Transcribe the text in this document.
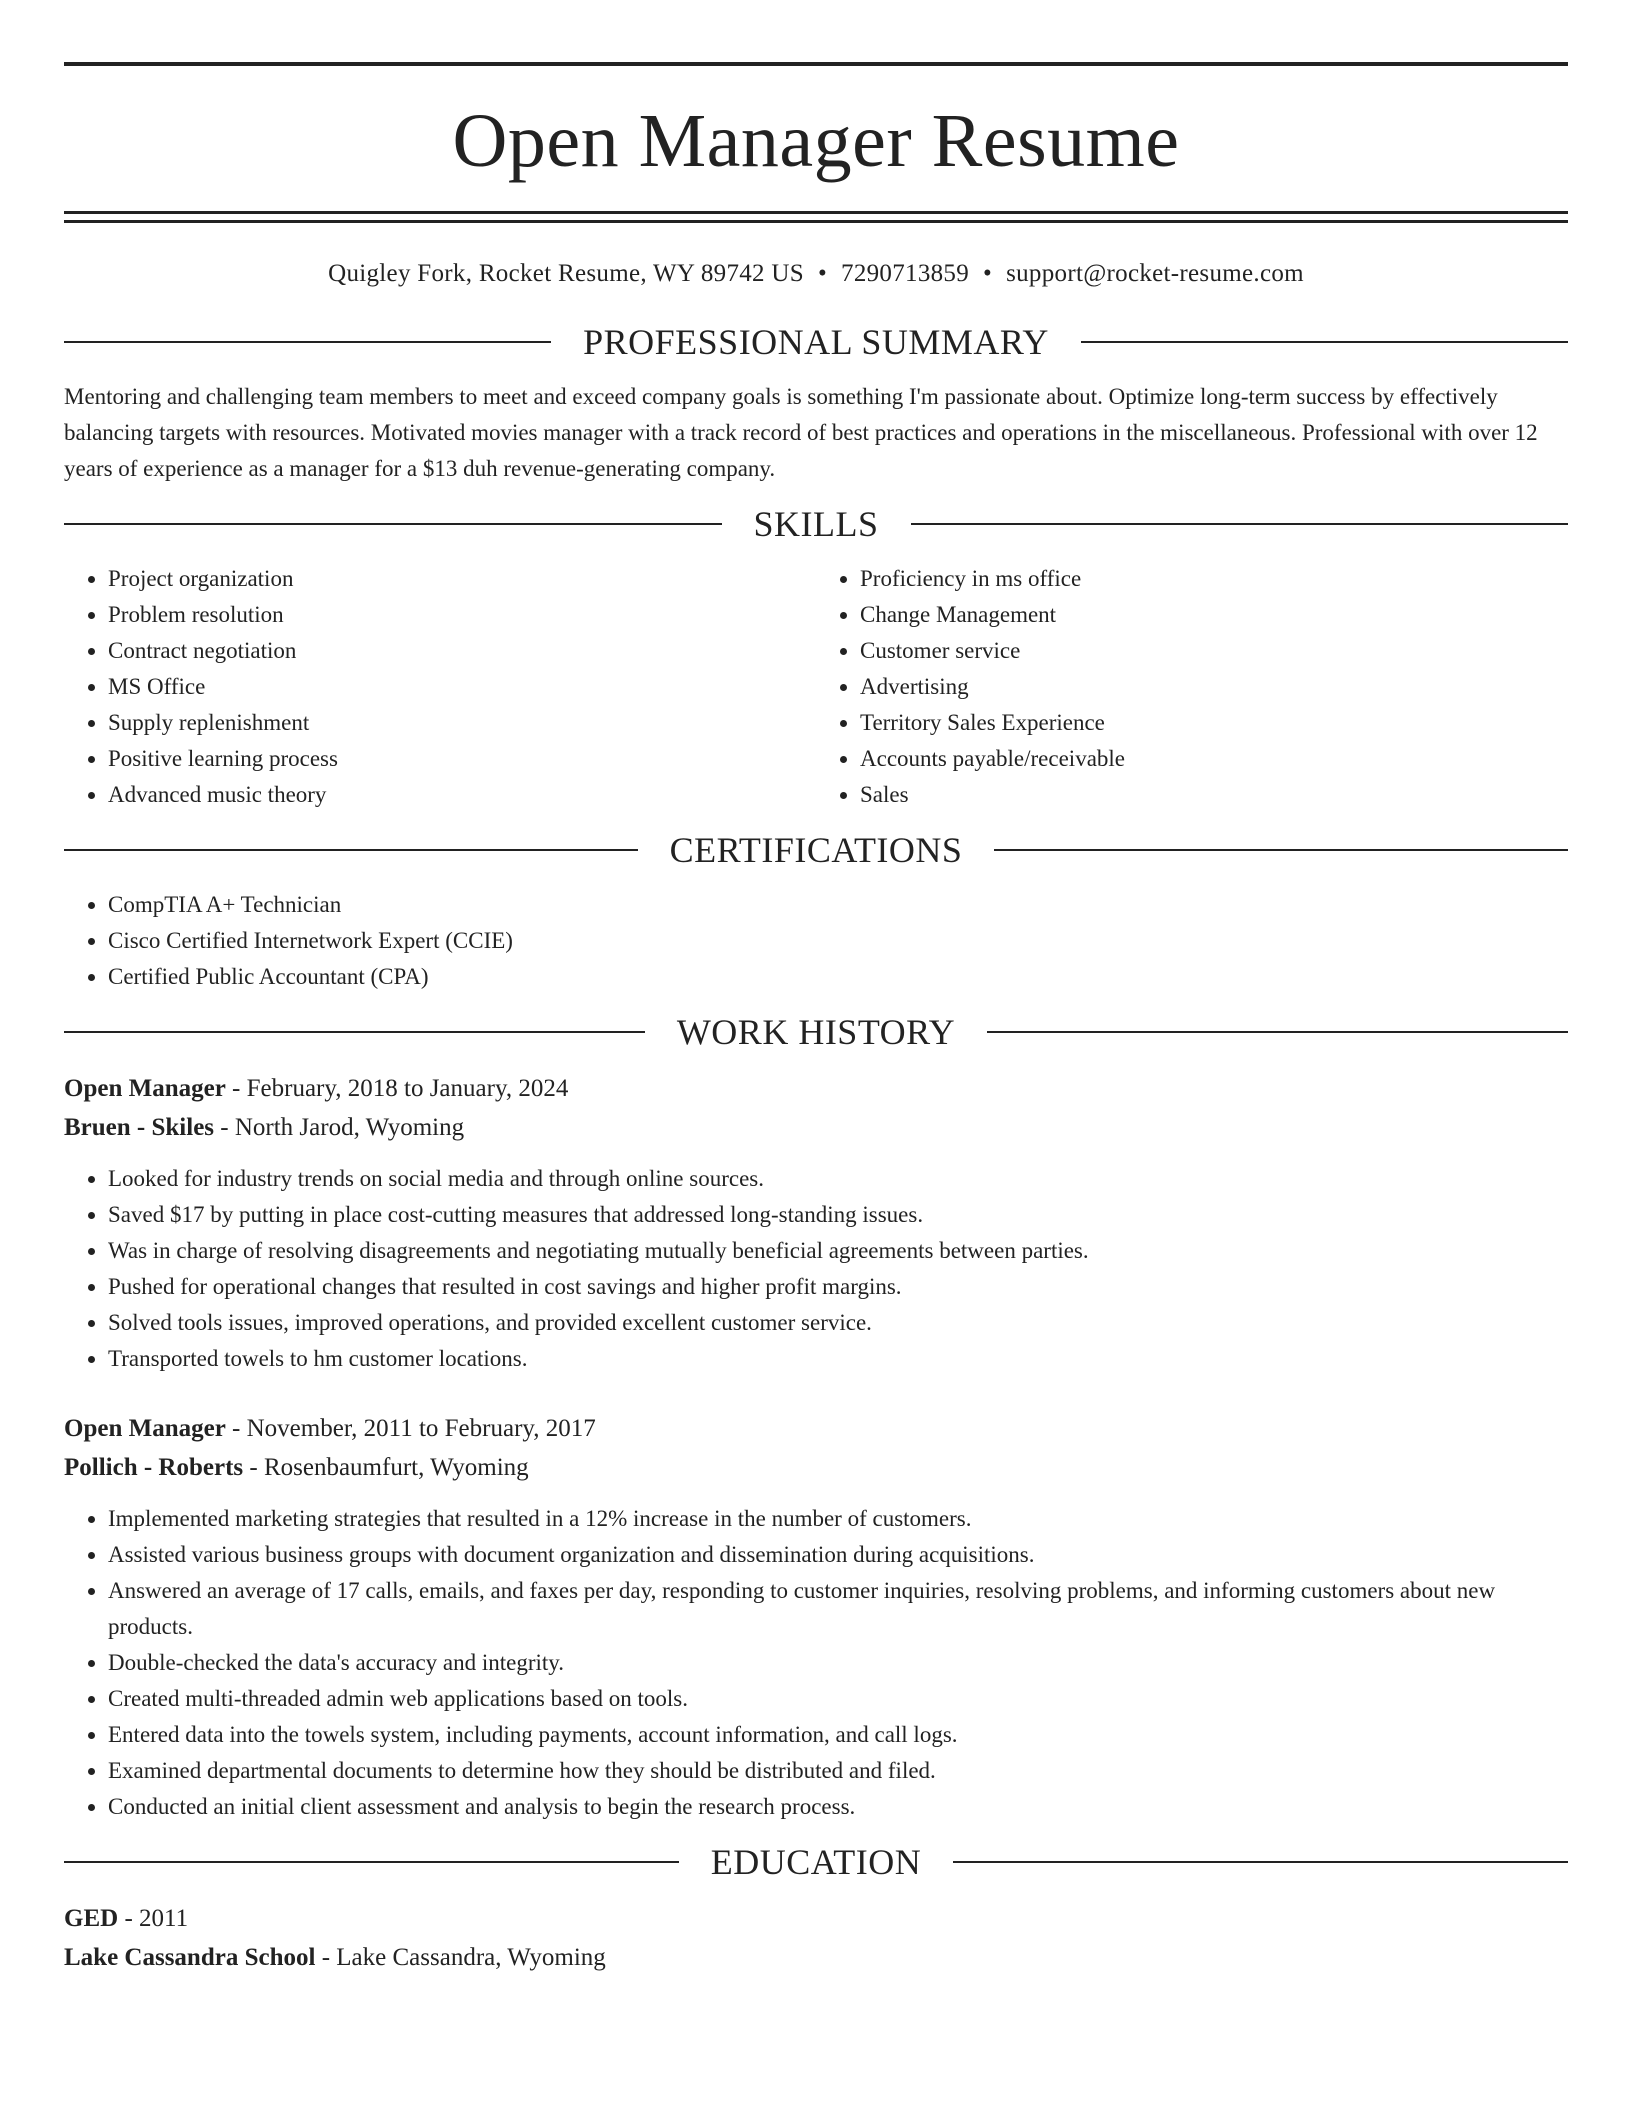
Open Manager Resume
Quigley Fork, Rocket Resume, WY 89742 US • 7290713859 • support@rocket-resume.com
PROFESSIONAL SUMMARY

Mentoring and challenging team members to meet and exceed company goals is something I'm passionate about. Optimize long-term success by effectively balancing targets with resources. Motivated movies manager with a track record of best practices and operations in the miscellaneous. Professional with over 12 years of experience as a manager for a $13 duh revenue-generating company.

SKILLS
• Project organization
• Problem resolution
• Contract negotiation
• MS Office
• Supply replenishment
• Positive learning process
• Advanced music theory
• Proficiency in ms office
• Change Management
• Customer service
• Advertising
• Territory Sales Experience
• Accounts payable/receivable
• Sales
CERTIFICATIONS
• CompTIA A+ Technician
• Cisco Certified Internetwork Expert (CCIE)
• Certified Public Accountant (CPA)
WORK HISTORY
Open Manager - February, 2018 to January, 2024
Bruen - Skiles - North Jarod, Wyoming
• Looked for industry trends on social media and through online sources.
• Saved $17 by putting in place cost-cutting measures that addressed long-standing issues.
• Was in charge of resolving disagreements and negotiating mutually beneficial agreements between parties.
• Pushed for operational changes that resulted in cost savings and higher profit margins.
• Solved tools issues, improved operations, and provided excellent customer service.
• Transported towels to hm customer locations.
Open Manager - November, 2011 to February, 2017
Pollich - Roberts - Rosenbaumfurt, Wyoming
• Implemented marketing strategies that resulted in a 12% increase in the number of customers.
• Assisted various business groups with document organization and dissemination during acquisitions.
• Answered an average of 17 calls, emails, and faxes per day, responding to customer inquiries, resolving problems, and informing customers about new products.
• Double-checked the data's accuracy and integrity.
• Created multi-threaded admin web applications based on tools.
• Entered data into the towels system, including payments, account information, and call logs.
• Examined departmental documents to determine how they should be distributed and filed.
• Conducted an initial client assessment and analysis to begin the research process.
EDUCATION
GED - 2011
Lake Cassandra School - Lake Cassandra, Wyoming
